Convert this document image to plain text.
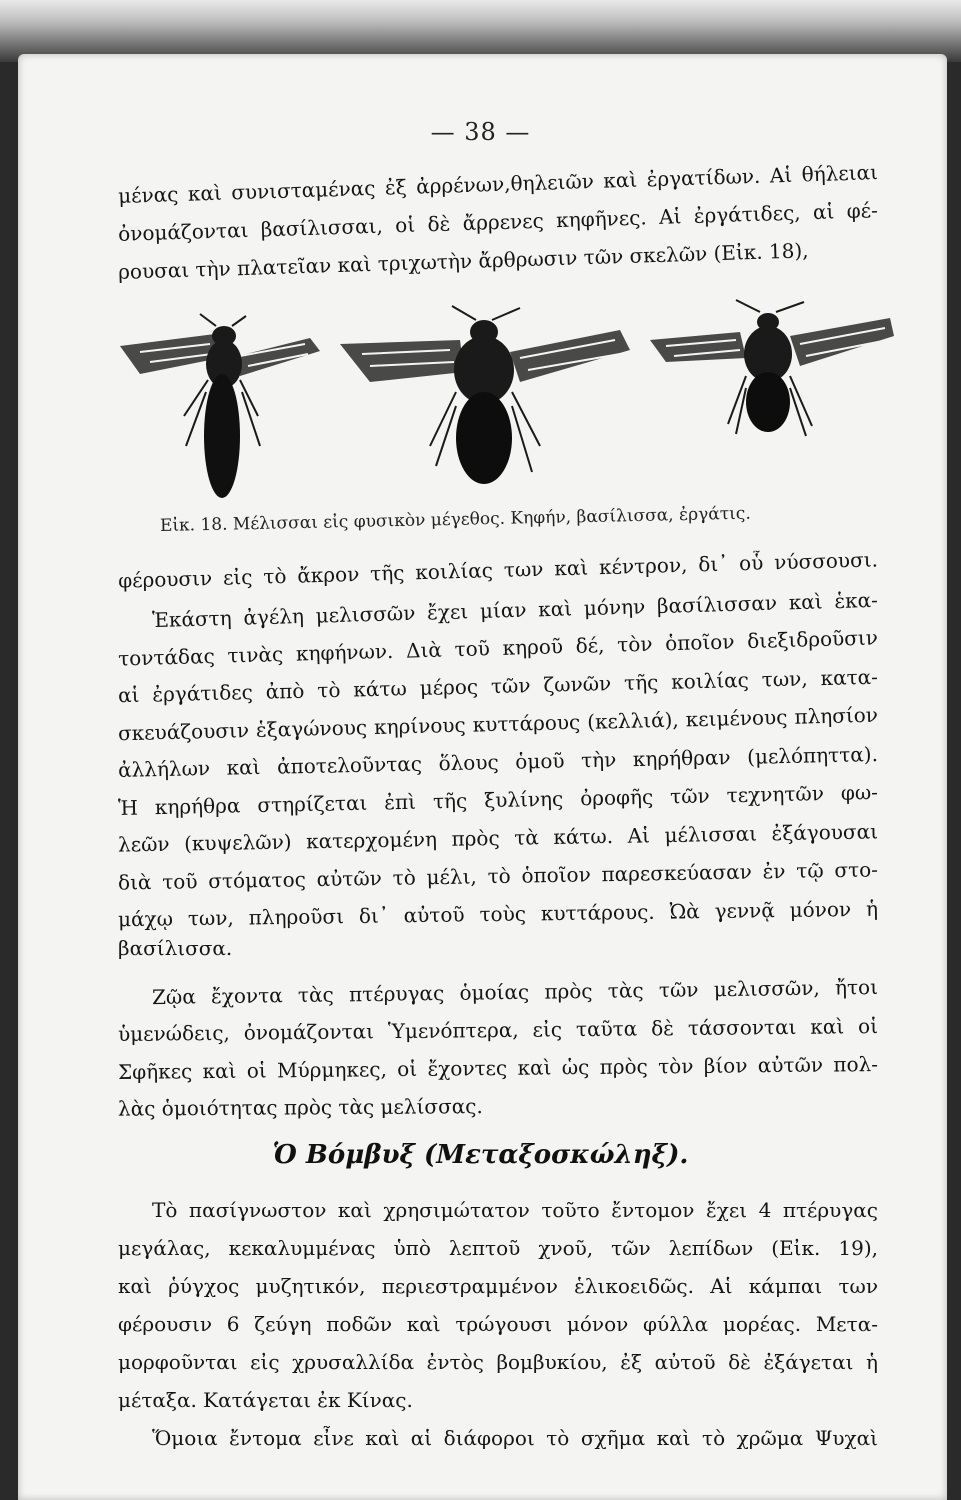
— 38 —
μένας καὶ συνισταμένας ἐξ ἀρρένων,θηλειῶν καὶ ἐργατίδων. Αἱ θήλειαι
ὀνομάζονται βασίλισσαι, οἱ δὲ ἄρρενες κηφῆνες. Αἱ ἐργάτιδες, αἱ φέ-
ρουσαι τὴν πλατεῖαν καὶ τριχωτὴν ἄρθρωσιν τῶν σκελῶν (Εἰκ. 18),
Εἰκ. 18. Μέλισσαι εἰς φυσικὸν μέγεθος. Κηφήν, βασίλισσα, ἐργάτις.
φέρουσιν εἰς τὸ ἄκρον τῆς κοιλίας των καὶ κέντρον, δι᾿ οὗ νύσσουσι.
Ἑκάστη ἀγέλη μελισσῶν ἔχει μίαν καὶ μόνην βασίλισσαν καὶ ἑκα-
τοντάδας τινὰς κηφήνων. Διὰ τοῦ κηροῦ δέ, τὸν ὁποῖον διεξιδροῦσιν
αἱ ἐργάτιδες ἀπὸ τὸ κάτω μέρος τῶν ζωνῶν τῆς κοιλίας των, κατα-
σκευάζουσιν ἑξαγώνους κηρίνους κυττάρους (κελλιά), κειμένους πλησίον
ἀλλήλων καὶ ἀποτελοῦντας ὅλους ὁμοῦ τὴν κηρήθραν (μελόπηττα).
Ἡ κηρήθρα στηρίζεται ἐπὶ τῆς ξυλίνης ὀροφῆς τῶν τεχνητῶν φω-
λεῶν (κυψελῶν) κατερχομένη πρὸς τὰ κάτω. Αἱ μέλισσαι ἐξάγουσαι
διὰ τοῦ στόματος αὐτῶν τὸ μέλι, τὸ ὁποῖον παρεσκεύασαν ἐν τῷ στο-
μάχῳ των, πληροῦσι δι᾿ αὐτοῦ τοὺς κυττάρους. Ὠὰ γεννᾷ μόνον ἡ
βασίλισσα.
Ζῷα ἔχοντα τὰς πτέρυγας ὁμοίας πρὸς τὰς τῶν μελισσῶν, ἤτοι
ὑμενώδεις, ὀνομάζονται Ὑμενόπτερα, εἰς ταῦτα δὲ τάσσονται καὶ οἱ
Σφῆκες καὶ οἱ Μύρμηκες, οἱ ἔχοντες καὶ ὡς πρὸς τὸν βίον αὐτῶν πολ-
λὰς ὁμοιότητας πρὸς τὰς μελίσσας.
Ὁ Βόμβυξ (Μεταξοσκώληξ).
Τὸ πασίγνωστον καὶ χρησιμώτατον τοῦτο ἔντομον ἔχει 4 πτέρυγας
μεγάλας, κεκαλυμμένας ὑπὸ λεπτοῦ χνοῦ, τῶν λεπίδων (Εἰκ. 19),
καὶ ῥύγχος μυζητικόν, περιεστραμμένον ἑλικοειδῶς. Αἱ κάμπαι των
φέρουσιν 6 ζεύγη ποδῶν καὶ τρώγουσι μόνον φύλλα μορέας. Μετα-
μορφοῦνται εἰς χρυσαλλίδα ἐντὸς βομβυκίου, ἐξ αὐτοῦ δὲ ἐξάγεται ἡ
μέταξα. Κατάγεται ἐκ Κίνας.
Ὅμοια ἔντομα εἶνε καὶ αἱ διάφοροι τὸ σχῆμα καὶ τὸ χρῶμα Ψυχαὶ
